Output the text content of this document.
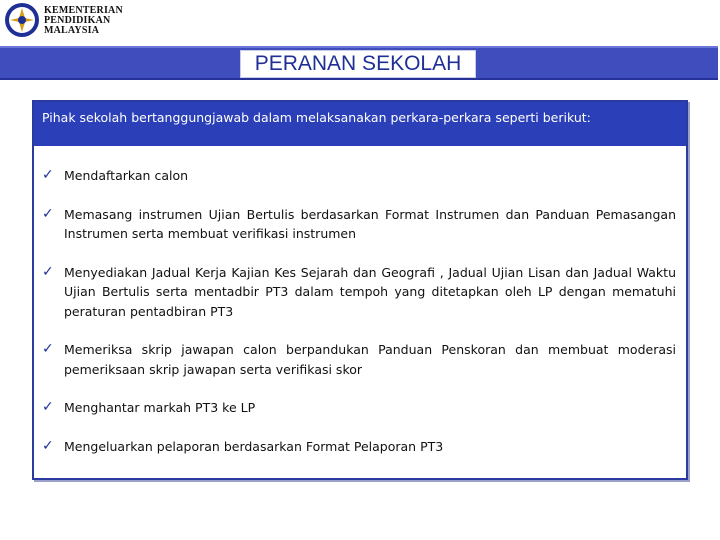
KEMENTERIAN
PENDIDIKAN
MALAYSIA
PERANAN SEKOLAH
Pihak sekolah bertanggungjawab dalam melaksanakan perkara-perkara seperti berikut:
✓ Mendaftarkan calon
✓ Memasang instrumen Ujian Bertulis berdasarkan Format Instrumen dan Panduan Pemasangan Instrumen serta membuat verifikasi instrumen
✓ Menyediakan Jadual Kerja Kajian Kes Sejarah dan Geografi , Jadual Ujian Lisan dan Jadual Waktu Ujian Bertulis serta mentadbir PT3 dalam tempoh yang ditetapkan oleh LP dengan mematuhi peraturan pentadbiran PT3
✓ Memeriksa skrip jawapan calon berpandukan Panduan Penskoran dan membuat moderasi pemeriksaan skrip jawapan serta verifikasi skor
✓ Menghantar markah PT3 ke LP
✓ Mengeluarkan pelaporan berdasarkan Format Pelaporan PT3
